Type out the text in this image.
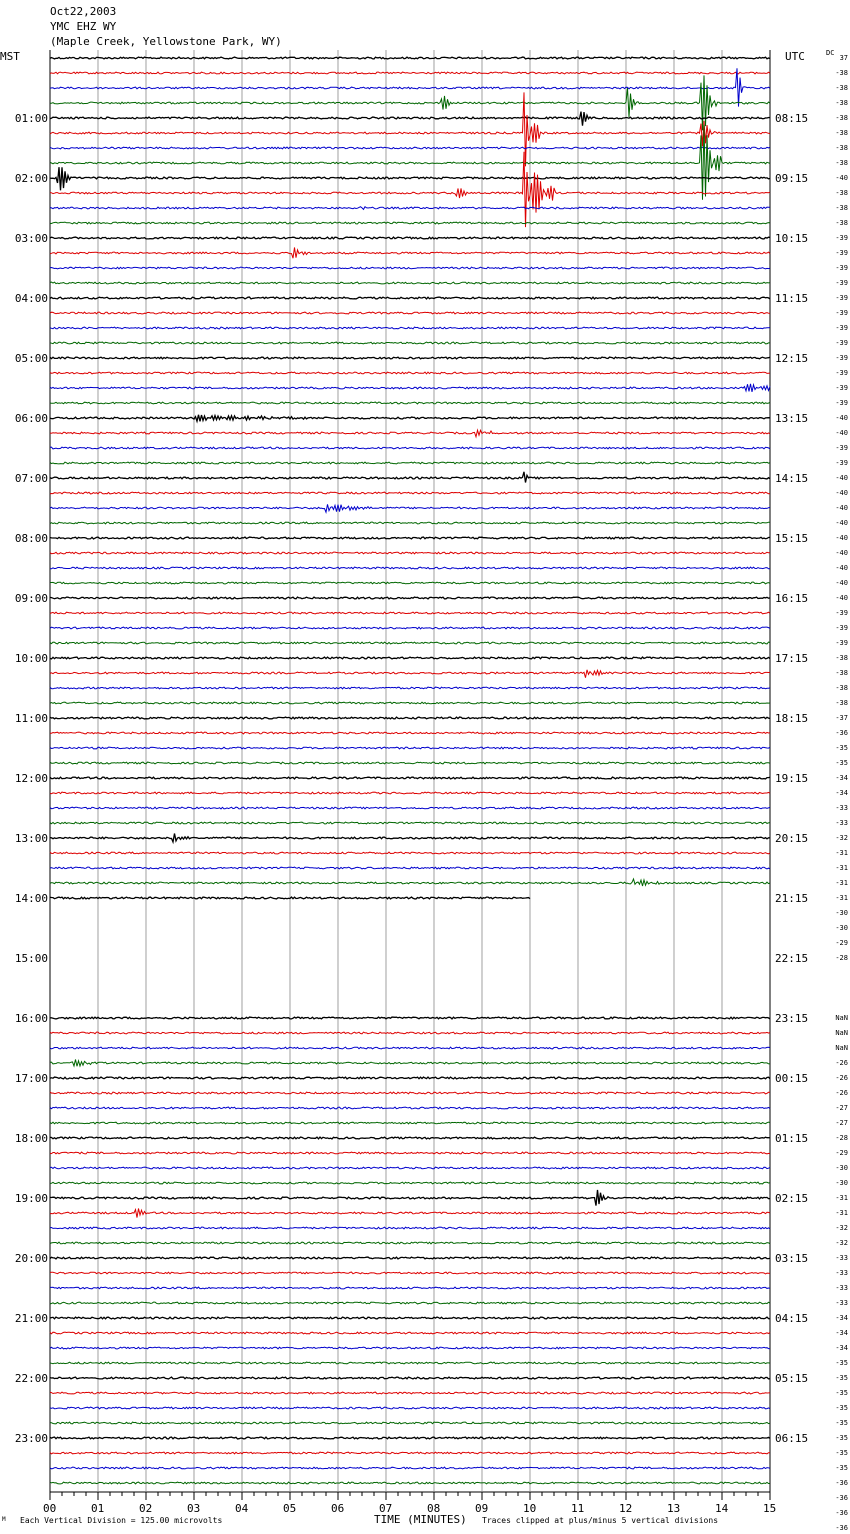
Oct22,2003
YMC EHZ WY
(Maple Creek, Yellowstone Park, WY)
MST	UTC	DC
00	01	02	03	04	05	06	07	08	09	10	11	12	13	14	15
01:00	08:15
02:00	09:15
03:00	10:15
04:00	11:15
05:00	12:15
06:00	13:15
07:00	14:15
08:00	15:15
09:00	16:15
10:00	17:15
11:00	18:15
12:00	19:15
13:00	20:15
14:00	21:15
15:00	22:15
16:00	23:15
17:00	00:15
18:00	01:15
19:00	02:15
20:00	03:15
21:00	04:15
22:00	05:15
23:00	06:15
37
-38
-38
-38
-38
-38
-38
-38
-40
-38
-38
-38
-39
-39
-39
-39
-39
-39
-39
-39
-39
-39
-39
-39
-40
-40
-39
-39
-40
-40
-40
-40
-40
-40
-40
-40
-40
-39
-39
-39
-38
-38
-38
-38
-37
-36
-35
-35
-34
-34
-33
-33
-32
-31
-31
-31
-31
-30
-30
-29
-28
NaN
NaN
NaN
-26
-26
-26
-27
-27
-28
-29
-30
-30
-31
-31
-32
-32
-33
-33
-33
-33
-34
-34
-34
-35
-35
-35
-35
-35
-35
-35
-35
-36
-36
-36
-36
M Each Vertical Division = 125.00 microvolts	TIME (MINUTES) Traces clipped at plus/minus 5 vertical divisions
